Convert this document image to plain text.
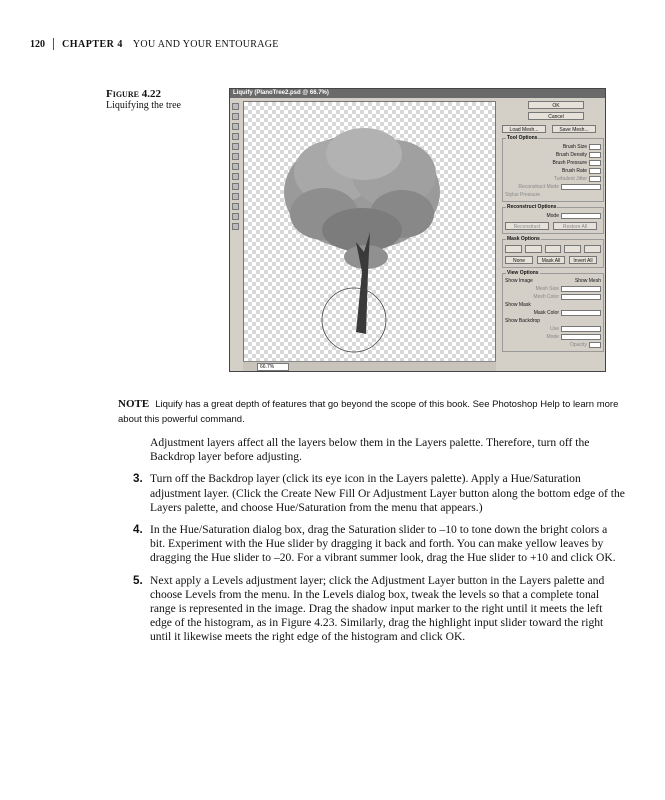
120 CHAPTER 4 YOU AND YOUR ENTOURAGE
Figure 4.22
Liquifying the tree
Liquify (PlanoTree2.psd @ 66.7%)
66.7%
OK
Cancel
Load Mesh...	Save Mesh...
Tool Options
Brush Size
Brush Density
Brush Pressure
Brush Rate
Turbulent Jitter
Reconstruct Mode
Stylus Pressure
Reconstruct Options
Mode
Reconstruct	Restore All
Mask Options
None	Mask All	Invert All
View Options
Show Image	Show Mesh
Mesh Size
Mesh Color
Show Mask
Mask Color
Show Backdrop
Use
Mode
Opacity
NOTE Liquify has a great depth of features that go beyond the scope of this book. See Photoshop Help to learn more about this powerful command.

Adjustment layers affect all the layers below them in the Layers palette. Therefore, turn off the Backdrop layer before adjusting.

3. Turn off the Backdrop layer (click its eye icon in the Layers palette). Apply a Hue/Saturation adjustment layer. (Click the Create New Fill Or Adjustment Layer button along the bottom edge of the Layers palette, and choose Hue/Saturation from the menu that appears.)
4. In the Hue/Saturation dialog box, drag the Saturation slider to –10 to tone down the bright colors a bit. Experiment with the Hue slider by dragging it back and forth. You can make yellow leaves by dragging the Hue slider to –20. For a vibrant summer look, drag the Hue slider to +10 and click OK.
5. Next apply a Levels adjustment layer; click the Adjustment Layer button in the Layers palette and choose Levels from the menu. In the Levels dialog box, tweak the levels so that a complete tonal range is represented in the image. Drag the shadow input marker to the right until it meets the left edge of the histogram, as in Figure 4.23. Similarly, drag the highlight input slider toward the right until it likewise meets the right edge of the histogram and click OK.
